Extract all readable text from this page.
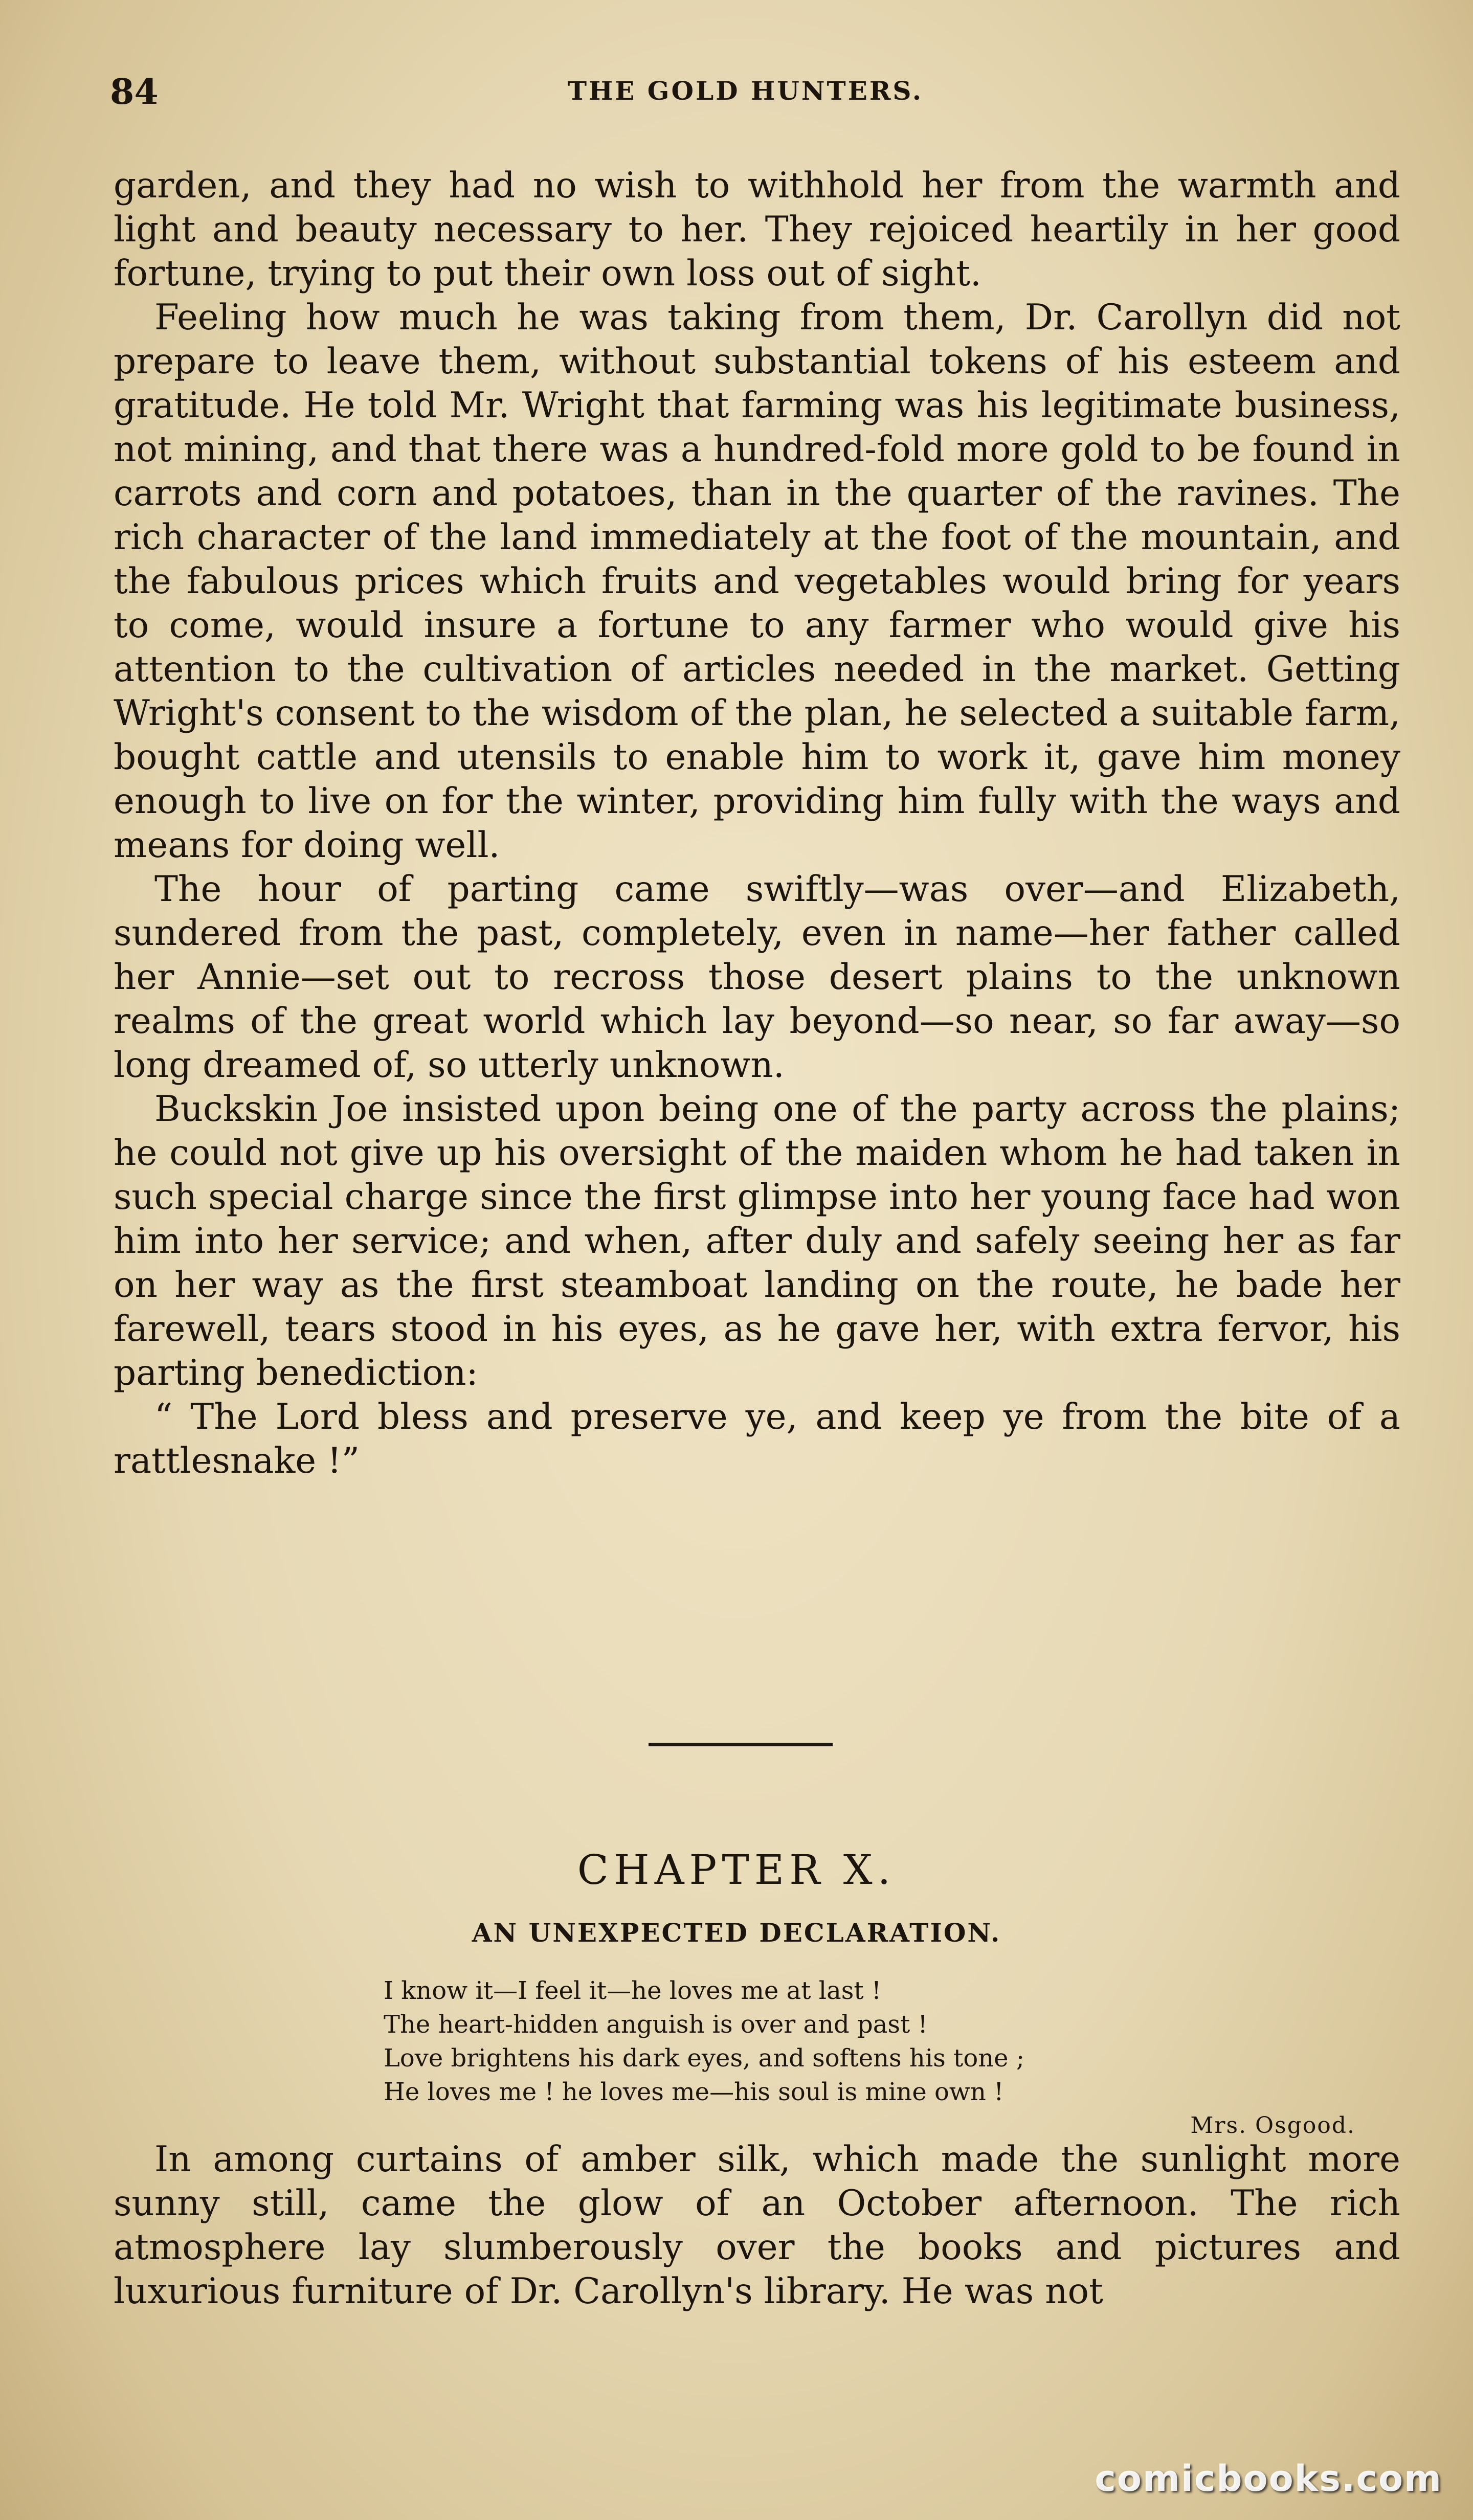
84	THE GOLD HUNTERS.

garden, and they had no wish to withhold her from the warmth and light and beauty necessary to her. They rejoiced heartily in her good fortune, trying to put their own loss out of sight.

Feeling how much he was taking from them, Dr. Carollyn did not prepare to leave them, without substantial tokens of his esteem and gratitude. He told Mr. Wright that farming was his legitimate business, not mining, and that there was a hundred-fold more gold to be found in carrots and corn and potatoes, than in the quarter of the ravines. The rich character of the land immediately at the foot of the mountain, and the fabulous prices which fruits and vegetables would bring for years to come, would insure a fortune to any farmer who would give his attention to the cultivation of articles needed in the market. Getting Wright's consent to the wisdom of the plan, he selected a suitable farm, bought cattle and utensils to enable him to work it, gave him money enough to live on for the winter, providing him fully with the ways and means for doing well.

The hour of parting came swiftly—was over—and Elizabeth, sundered from the past, completely, even in name—her father called her Annie—set out to recross those desert plains to the unknown realms of the great world which lay beyond—so near, so far away—so long dreamed of, so utterly unknown.

Buckskin Joe insisted upon being one of the party across the plains; he could not give up his oversight of the maiden whom he had taken in such special charge since the first glimpse into her young face had won him into her service; and when, after duly and safely seeing her as far on her way as the first steamboat landing on the route, he bade her farewell, tears stood in his eyes, as he gave her, with extra fervor, his parting benediction:

“ The Lord bless and preserve ye, and keep ye from the bite of a rattlesnake !”

CHAPTER X.
AN UNEXPECTED DECLARATION.
I know it—I feel it—he loves me at last !
The heart-hidden anguish is over and past !
Love brightens his dark eyes, and softens his tone ;
He loves me ! he loves me—his soul is mine own !
Mrs. Osgood.

In among curtains of amber silk, which made the sunlight more sunny still, came the glow of an October afternoon. The rich atmosphere lay slumberously over the books and pictures and luxurious furniture of Dr. Carollyn's library. He was not

comicbooks.com
